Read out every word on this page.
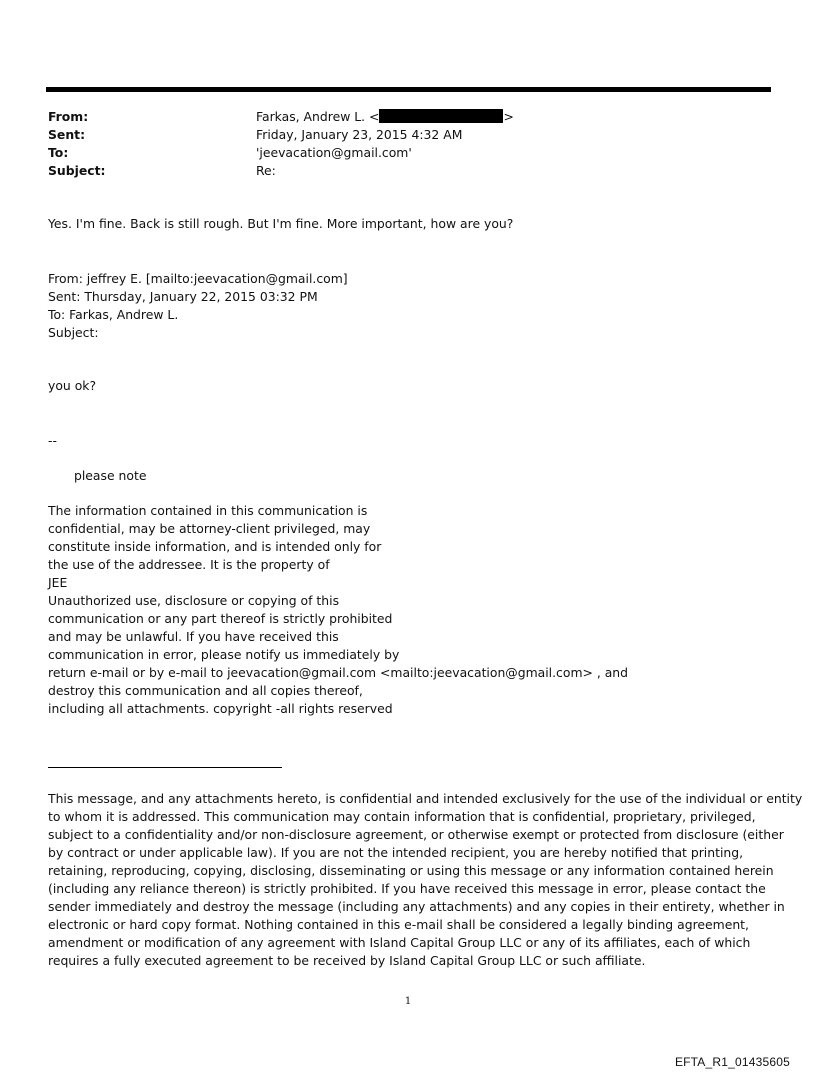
From:	Farkas, Andrew L. <	>
Sent:	Friday, January 23, 2015 4:32 AM
To:	'jeevacation@gmail.com'
Subject:	Re:
Yes. I'm fine. Back is still rough. But I'm fine. More important, how are you?
From: jeffrey E. [mailto:jeevacation@gmail.com]
Sent: Thursday, January 22, 2015 03:32 PM
To: Farkas, Andrew L.
Subject:
you ok?
--
please note
The information contained in this communication is
confidential, may be attorney-client privileged, may
constitute inside information, and is intended only for
the use of the addressee. It is the property of
JEE
Unauthorized use, disclosure or copying of this
communication or any part thereof is strictly prohibited
and may be unlawful. If you have received this
communication in error, please notify us immediately by
return e-mail or by e-mail to jeevacation@gmail.com <mailto:jeevacation@gmail.com> , and
destroy this communication and all copies thereof,
including all attachments. copyright -all rights reserved
This message, and any attachments hereto, is confidential and intended exclusively for the use of the individual or entity
to whom it is addressed. This communication may contain information that is confidential, proprietary, privileged,
subject to a confidentiality and/or non-disclosure agreement, or otherwise exempt or protected from disclosure (either
by contract or under applicable law). If you are not the intended recipient, you are hereby notified that printing,
retaining, reproducing, copying, disclosing, disseminating or using this message or any information contained herein
(including any reliance thereon) is strictly prohibited. If you have received this message in error, please contact the
sender immediately and destroy the message (including any attachments) and any copies in their entirety, whether in
electronic or hard copy format. Nothing contained in this e-mail shall be considered a legally binding agreement,
amendment or modification of any agreement with Island Capital Group LLC or any of its affiliates, each of which
requires a fully executed agreement to be received by Island Capital Group LLC or such affiliate.
1
EFTA_R1_01435605
